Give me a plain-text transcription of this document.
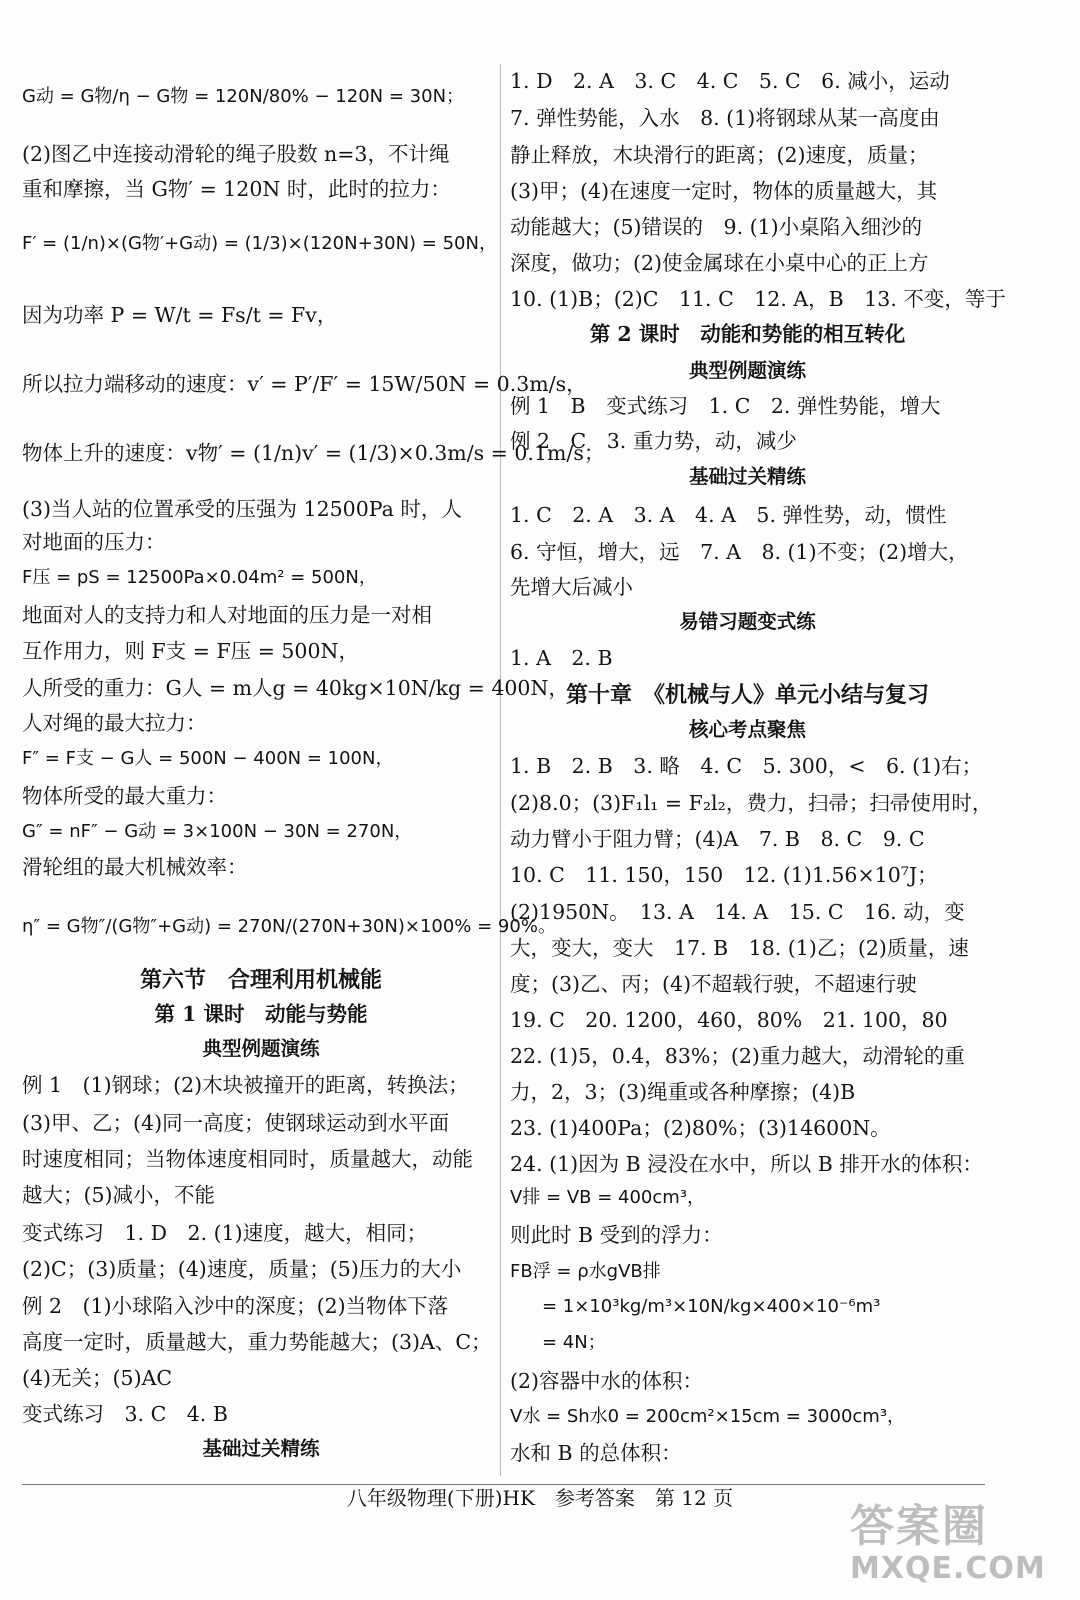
G动 = G物/η − G物 = 120N/80% − 120N = 30N；
(2)图乙中连接动滑轮的绳子股数 n=3，不计绳
重和摩擦，当 G物′ = 120N 时，此时的拉力：
F′ = (1/n)×(G物′+G动) = (1/3)×(120N+30N) = 50N，
因为功率 P = W/t = Fs/t = Fv，
所以拉力端移动的速度：v′ = P′/F′ = 15W/50N = 0.3m/s，
物体上升的速度：v物′ = (1/n)v′ = (1/3)×0.3m/s = 0.1m/s；
(3)当人站的位置承受的压强为 12500Pa 时，人
对地面的压力：
F压 = pS = 12500Pa×0.04m² = 500N，
地面对人的支持力和人对地面的压力是一对相
互作用力，则 F支 = F压 = 500N，
人所受的重力：G人 = m人g = 40kg×10N/kg = 400N，
人对绳的最大拉力：
F″ = F支 − G人 = 500N − 400N = 100N，
物体所受的最大重力：
G″ = nF″ − G动 = 3×100N − 30N = 270N，
滑轮组的最大机械效率：
η″ = G物″/(G物″+G动) = 270N/(270N+30N)×100% = 90%。
第六节　合理利用机械能
第 1 课时　动能与势能
典型例题演练
例 1　(1)钢球；(2)木块被撞开的距离，转换法；
(3)甲、乙；(4)同一高度；使钢球运动到水平面
时速度相同；当物体速度相同时，质量越大，动能
越大；(5)减小，不能
变式练习　1. D　2. (1)速度，越大，相同；
(2)C；(3)质量；(4)速度，质量；(5)压力的大小
例 2　(1)小球陷入沙中的深度；(2)当物体下落
高度一定时，质量越大，重力势能越大；(3)A、C；
(4)无关；(5)AC
变式练习　3. C　4. B
基础过关精练
1. D　2. A　3. C　4. C　5. C　6. 减小，运动
7. 弹性势能，入水　8. (1)将钢球从某一高度由
静止释放，木块滑行的距离；(2)速度，质量；
(3)甲；(4)在速度一定时，物体的质量越大，其
动能越大；(5)错误的　9. (1)小桌陷入细沙的
深度，做功；(2)使金属球在小桌中心的正上方
10. (1)B；(2)C　11. C　12. A，B　13. 不变，等于
第 2 课时　动能和势能的相互转化
典型例题演练
例 1　B　变式练习　1. C　2. 弹性势能，增大
例 2　C　3. 重力势，动，减少
基础过关精练
1. C　2. A　3. A　4. A　5. 弹性势，动，惯性
6. 守恒，增大，远　7. A　8. (1)不变；(2)增大，
先增大后减小
易错习题变式练
1. A　2. B
第十章　《机械与人》单元小结与复习
核心考点聚焦
1. B　2. B　3. 略　4. C　5. 300，<　6. (1)右；
(2)8.0；(3)F₁l₁ = F₂l₂，费力，扫帚；扫帚使用时，
动力臂小于阻力臂；(4)A　7. B　8. C　9. C
10. C　11. 150，150　12. (1)1.56×10⁷J；
(2)1950N。　13. A　14. A　15. C　16. 动，变
大，变大，变大　17. B　18. (1)乙；(2)质量，速
度；(3)乙、丙；(4)不超载行驶，不超速行驶
19. C　20. 1200，460，80%　21. 100，80
22. (1)5，0.4，83%；(2)重力越大，动滑轮的重
力，2，3；(3)绳重或各种摩擦；(4)B
23. (1)400Pa；(2)80%；(3)14600N。
24. (1)因为 B 浸没在水中，所以 B 排开水的体积：
V排 = VB = 400cm³，
则此时 B 受到的浮力：
FB浮 = ρ水gVB排
= 1×10³kg/m³×10N/kg×400×10⁻⁶m³
= 4N；
(2)容器中水的体积：
V水 = Sh水0 = 200cm²×15cm = 3000cm³，
水和 B 的总体积：
八年级物理(下册)HK　参考答案　第 12 页
答案圈
MXQE.COM
